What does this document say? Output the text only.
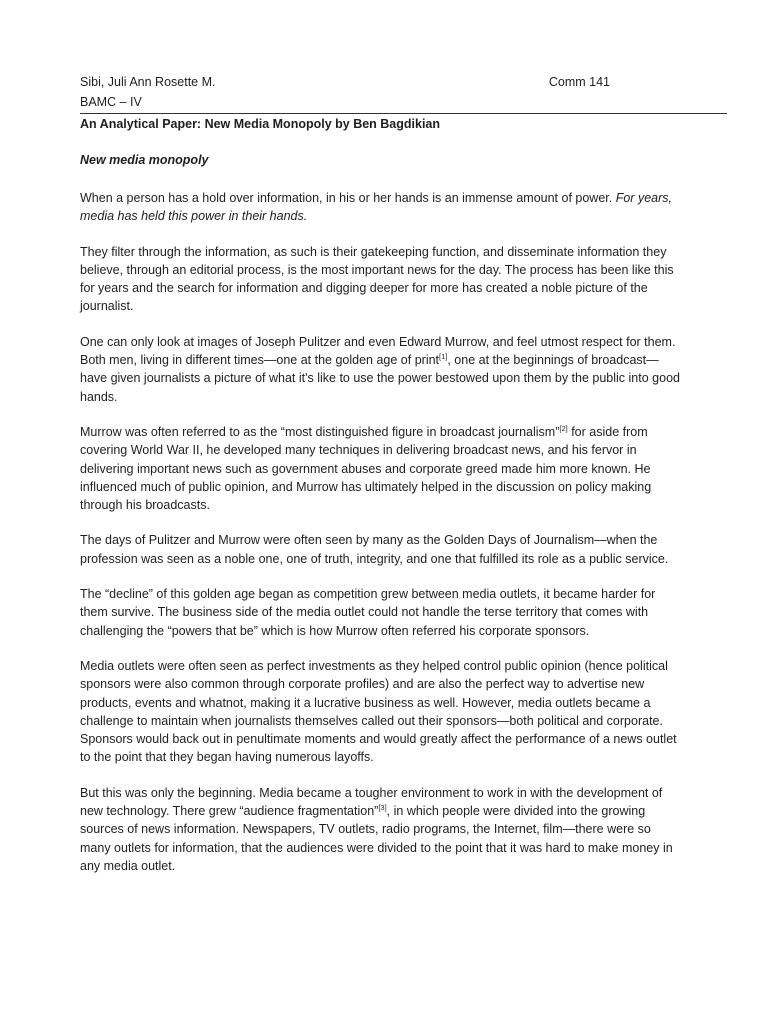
Sibi, Juli Ann Rosette M.	Comm 141
BAMC – IV
An Analytical Paper: New Media Monopoly by Ben Bagdikian
New media monopoly

When a person has a hold over information, in his or her hands is an immense amount of power. For years, media has held this power in their hands.

They filter through the information, as such is their gatekeeping function, and disseminate information they believe, through an editorial process, is the most important news for the day. The process has been like this for years and the search for information and digging deeper for more has created a noble picture of the journalist.

One can only look at images of Joseph Pulitzer and even Edward Murrow, and feel utmost respect for them. Both men, living in different times—one at the golden age of print[1], one at the beginnings of broadcast—have given journalists a picture of what it's like to use the power bestowed upon them by the public into good hands.

Murrow was often referred to as the “most distinguished figure in broadcast journalism”[2] for aside from covering World War II, he developed many techniques in delivering broadcast news, and his fervor in delivering important news such as government abuses and corporate greed made him more known. He influenced much of public opinion, and Murrow has ultimately helped in the discussion on policy making through his broadcasts.

The days of Pulitzer and Murrow were often seen by many as the Golden Days of Journalism—when the profession was seen as a noble one, one of truth, integrity, and one that fulfilled its role as a public service.

The “decline” of this golden age began as competition grew between media outlets, it became harder for them survive. The business side of the media outlet could not handle the terse territory that comes with challenging the “powers that be” which is how Murrow often referred his corporate sponsors.

Media outlets were often seen as perfect investments as they helped control public opinion (hence political sponsors were also common through corporate profiles) and are also the perfect way to advertise new products, events and whatnot, making it a lucrative business as well. However, media outlets became a challenge to maintain when journalists themselves called out their sponsors—both political and corporate. Sponsors would back out in penultimate moments and would greatly affect the performance of a news outlet to the point that they began having numerous layoffs.

But this was only the beginning. Media became a tougher environment to work in with the development of new technology. There grew “audience fragmentation”[3], in which people were divided into the growing sources of news information. Newspapers, TV outlets, radio programs, the Internet, film—there were so many outlets for information, that the audiences were divided to the point that it was hard to make money in any media outlet.
